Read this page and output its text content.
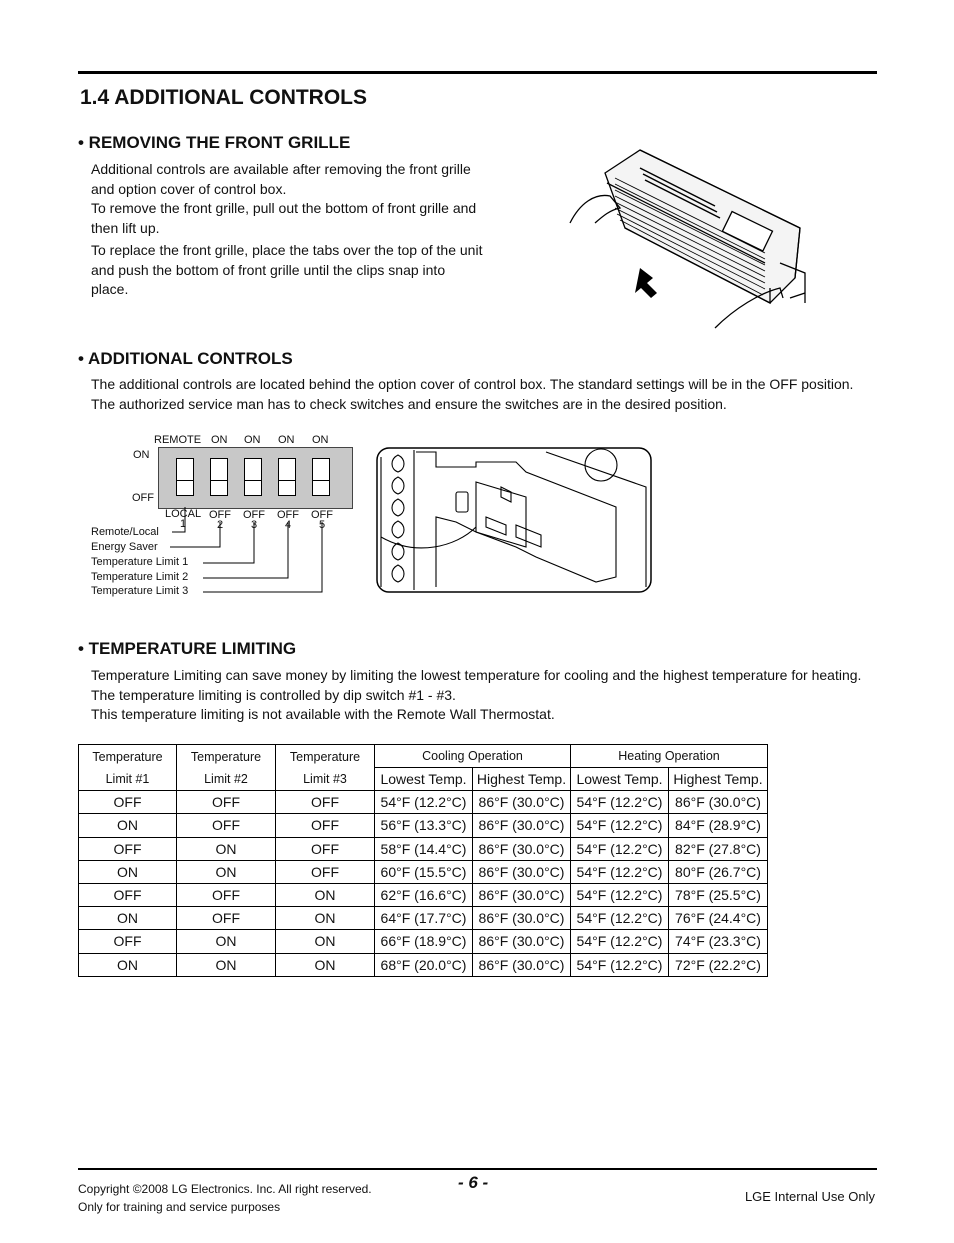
1.4 ADDITIONAL CONTROLS
• REMOVING THE FRONT GRILLE
Additional controls are available after removing the front grille and option cover of control box.
To remove the front grille, pull out the bottom of front grille and then lift up.
To replace the front grille, place the tabs over the top of the unit and push the bottom of front grille until the clips snap into place.
• ADDITIONAL CONTROLS
The additional controls are located behind the option cover of control box. The standard settings will be in the OFF position.
The authorized service man has to check switches and ensure the switches are in the desired position.
REMOTE ON ON ON ON
ON
OFF
LOCAL OFF OFF OFF OFF
1	2	3	4	5
Remote/Local
Energy Saver
Temperature Limit 1
Temperature Limit 2
Temperature Limit 3
• TEMPERATURE LIMITING
Temperature Limiting can save money by limiting the lowest temperature for cooling and the highest temperature for heating.
The temperature limiting is controlled by dip switch #1 - #3.
This temperature limiting is not available with the Remote Wall Thermostat.
Temperature
Limit #1	Temperature
Limit #2	Temperature
Limit #3	Cooling Operation		Heating Operation	
			Lowest Temp.	Highest Temp.	Lowest Temp.	Highest Temp.
OFF	OFF	OFF	54°F (12.2°C)	86°F (30.0°C)	54°F (12.2°C)	86°F (30.0°C)
ON	OFF	OFF	56°F (13.3°C)	86°F (30.0°C)	54°F (12.2°C)	84°F (28.9°C)
OFF	ON	OFF	58°F (14.4°C)	86°F (30.0°C)	54°F (12.2°C)	82°F (27.8°C)
ON	ON	OFF	60°F (15.5°C)	86°F (30.0°C)	54°F (12.2°C)	80°F (26.7°C)
OFF	OFF	ON	62°F (16.6°C)	86°F (30.0°C)	54°F (12.2°C)	78°F (25.5°C)
ON	OFF	ON	64°F (17.7°C)	86°F (30.0°C)	54°F (12.2°C)	76°F (24.4°C)
OFF	ON	ON	66°F (18.9°C)	86°F (30.0°C)	54°F (12.2°C)	74°F (23.3°C)
ON	ON	ON	68°F (20.0°C)	86°F (30.0°C)	54°F (12.2°C)	72°F (22.2°C)
Copyright ©2008 LG Electronics. Inc. All right reserved.
Only for training and service purposes
- 6 -
LGE Internal Use Only
